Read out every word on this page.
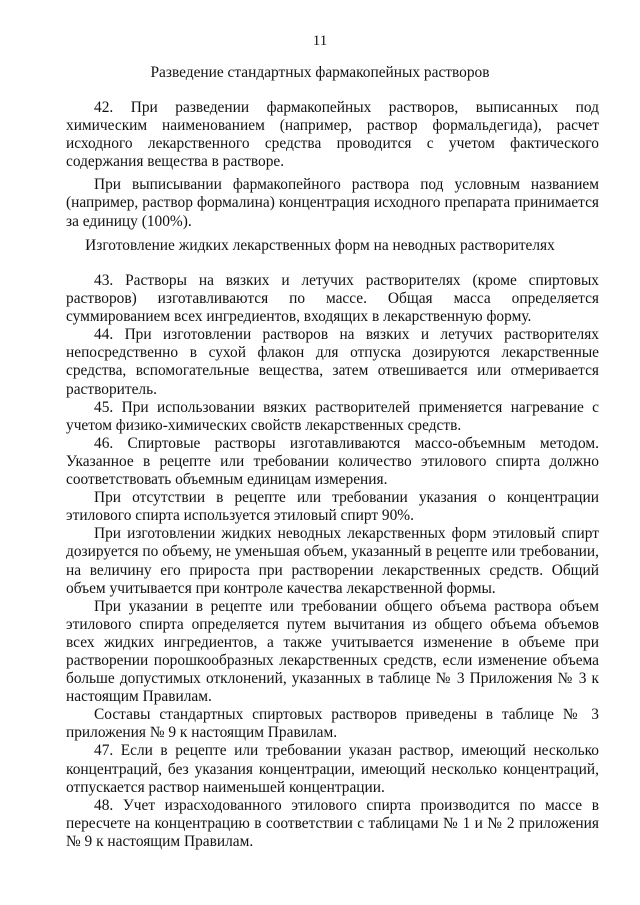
11
Разведение стандартных фармакопейных растворов

42. При разведении фармакопейных растворов, выписанных под химическим наименованием (например, раствор формальдегида), расчет исходного лекарственного средства проводится с учетом фактического содержания вещества в растворе.

При выписывании фармакопейного раствора под условным названием (например, раствор формалина) концентрация исходного препарата принимается за единицу (100%).

Изготовление жидких лекарственных форм на неводных растворителях

43. Растворы на вязких и летучих растворителях (кроме спиртовых растворов) изготавливаются по массе. Общая масса определяется суммированием всех ингредиентов, входящих в лекарственную форму.

44. При изготовлении растворов на вязких и летучих растворителях непосредственно в сухой флакон для отпуска дозируются лекарственные средства, вспомогательные вещества, затем отвешивается или отмеривается растворитель.

45. При использовании вязких растворителей применяется нагревание с учетом физико-химических свойств лекарственных средств.

46. Спиртовые растворы изготавливаются массо-объемным методом. Указанное в рецепте или требовании количество этилового спирта должно соответствовать объемным единицам измерения.

При отсутствии в рецепте или требовании указания о концентрации этилового спирта используется этиловый спирт 90%.

При изготовлении жидких неводных лекарственных форм этиловый спирт дозируется по объему, не уменьшая объем, указанный в рецепте или требовании, на величину его прироста при растворении лекарственных средств. Общий объем учитывается при контроле качества лекарственной формы.

При указании в рецепте или требовании общего объема раствора объем этилового спирта определяется путем вычитания из общего объема объемов всех жидких ингредиентов, а также учитывается изменение в объеме при растворении порошкообразных лекарственных средств, если изменение объема больше допустимых отклонений, указанных в таблице № 3 Приложения № 3 к настоящим Правилам.

Составы стандартных спиртовых растворов приведены в таблице № 3 приложения № 9 к настоящим Правилам.

47. Если в рецепте или требовании указан раствор, имеющий несколько концентраций, без указания концентрации, имеющий несколько концентраций, отпускается раствор наименьшей концентрации.

48. Учет израсходованного этилового спирта производится по массе в пересчете на концентрацию в соответствии с таблицами № 1 и № 2 приложения № 9 к настоящим Правилам.
